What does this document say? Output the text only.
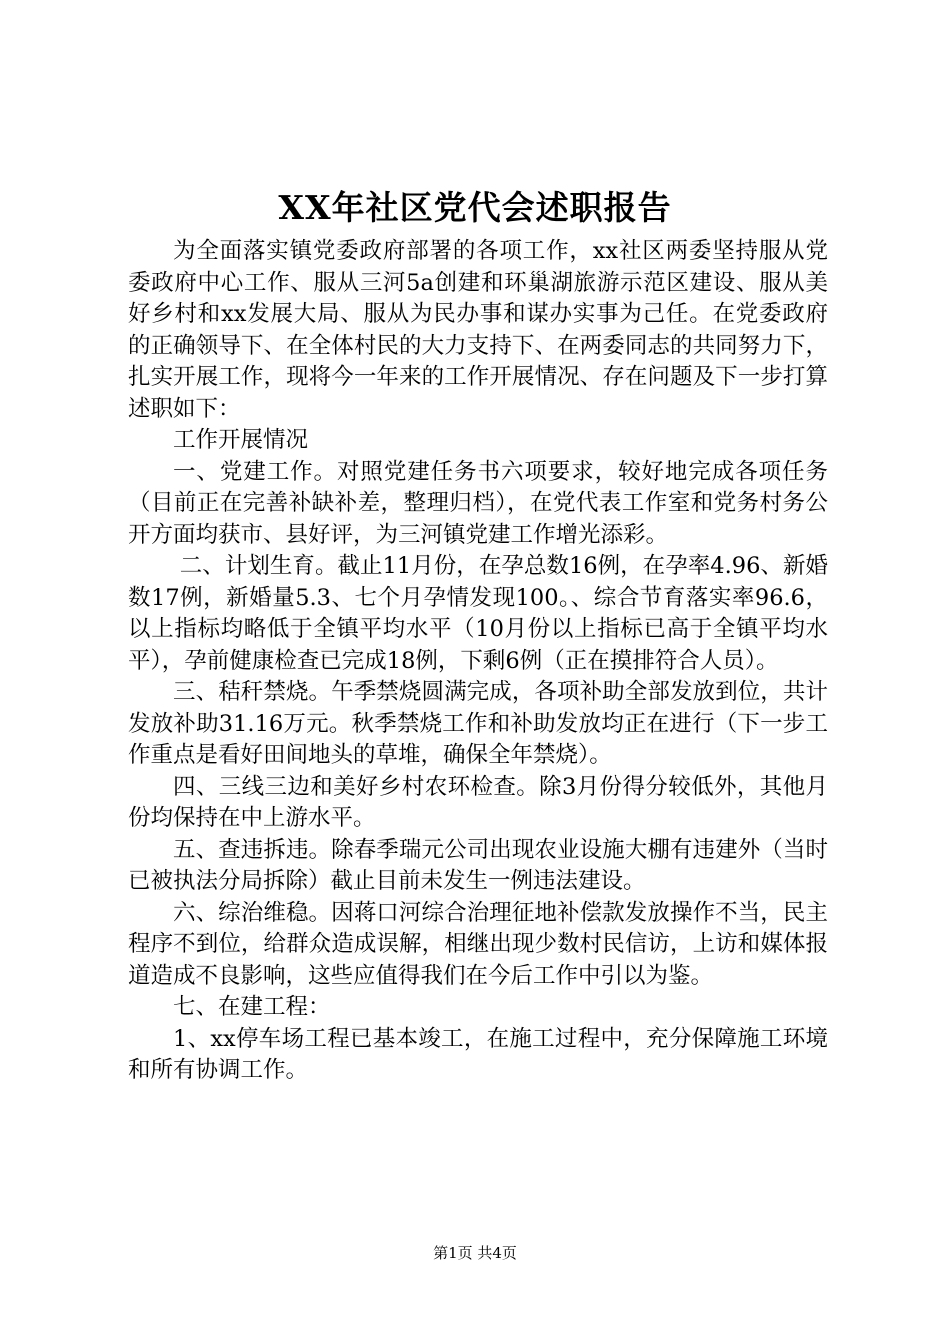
XX年社区党代会述职报告

为全面落实镇党委政府部署的各项工作，xx社区两委坚持服从党委政府中心工作、服从三河5a创建和环巢湖旅游示范区建设、服从美好乡村和xx发展大局、服从为民办事和谋办实事为己任。在党委政府的正确领导下、在全体村民的大力支持下、在两委同志的共同努力下，扎实开展工作，现将今一年来的工作开展情况、存在问题及下一步打算述职如下：

工作开展情况

一、党建工作。对照党建任务书六项要求，较好地完成各项任务（目前正在完善补缺补差，整理归档），在党代表工作室和党务村务公开方面均获市、县好评，为三河镇党建工作增光添彩。

二、计划生育。截止11月份，在孕总数16例，在孕率4.96、新婚数17例，新婚量5.3、七个月孕情发现100。、综合节育落实率96.6，以上指标均略低于全镇平均水平（10月份以上指标已高于全镇平均水平），孕前健康检查已完成18例，下剩6例（正在摸排符合人员）。

三、秸秆禁烧。午季禁烧圆满完成，各项补助全部发放到位，共计发放补助31.16万元。秋季禁烧工作和补助发放均正在进行（下一步工作重点是看好田间地头的草堆，确保全年禁烧）。

四、三线三边和美好乡村农环检查。除3月份得分较低外，其他月份均保持在中上游水平。

五、查违拆违。除春季瑞元公司出现农业设施大棚有违建外（当时已被执法分局拆除）截止目前未发生一例违法建设。

六、综治维稳。因蒋口河综合治理征地补偿款发放操作不当，民主程序不到位，给群众造成误解，相继出现少数村民信访，上访和媒体报道造成不良影响，这些应值得我们在今后工作中引以为鉴。

七、在建工程：

1、xx停车场工程已基本竣工，在施工过程中，充分保障施工环境和所有协调工作。

第1页 共4页
